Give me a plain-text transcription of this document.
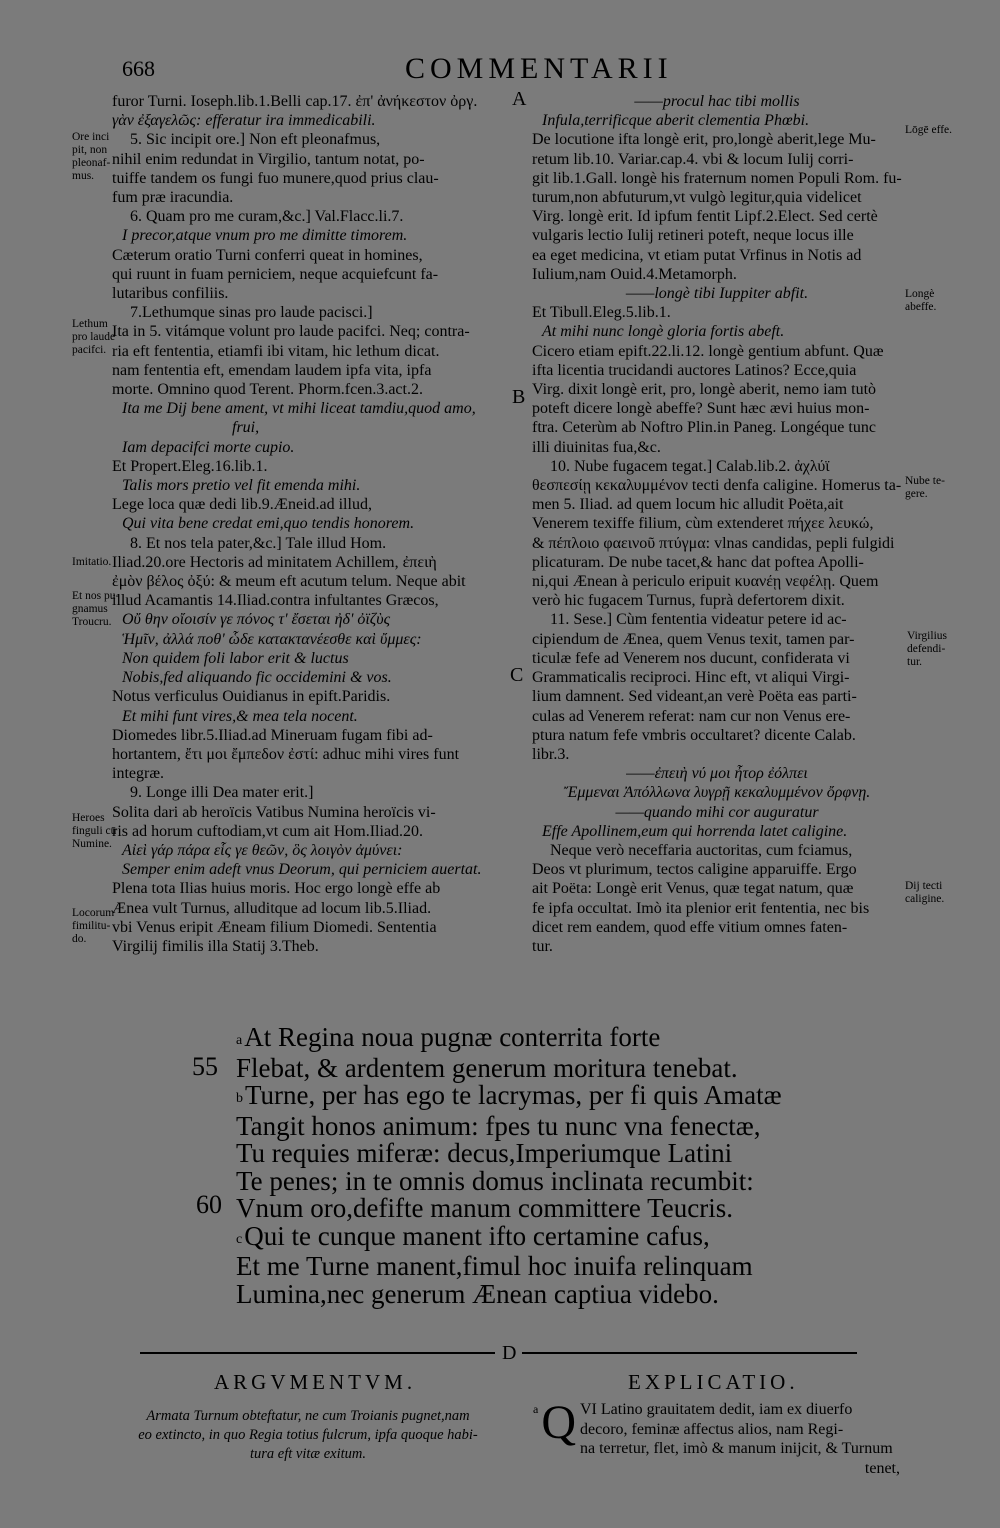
668	COMMENTARII
Ore inci
pit, non
pleonaf-
mus.
Lethum
pro laude
pacifci.
Imitatio.
Et nos pu-
gnamus
Troucru.
Heroes
finguli cū
Numine.
Locorum
fimilitu-
do.
Lōgē effe.
Longè
abeffe.
Nube te-
gere.
Virgilius
defendi-
tur.
Dij tecti
caligine.
A
B
C
D

furor Turni. Ioseph.lib.1.Belli cap.17. ἐπ' ἀνήκεστον ὀργ.

γὰν ἐξαγελῶς: efferatur ira immedicabili.

5. Sic incipit ore.] Non eft pleonafmus,

nihil enim redundat in Virgilio, tantum notat, po-

tuiffe tandem os fungi fuo munere,quod prius clau-

fum præ iracundia.

6. Quam pro me curam,&c.] Val.Flacc.li.7.

I precor,atque vnum pro me dimitte timorem.

Cæterum oratio Turni conferri queat in homines,

qui ruunt in fuam perniciem, neque acquiefcunt fa-

lutaribus confiliis.

7.Lethumque sinas pro laude pacisci.]

Ita in 5. vitámque volunt pro laude pacifci. Neq; contra-

ria eft fententia, etiamfi ibi vitam, hic lethum dicat.

nam fententia eft, emendam laudem ipfa vita, ipfa

morte. Omnino quod Terent. Phorm.fcen.3.act.2.

Ita me Dij bene ament, vt mihi liceat tamdiu,quod amo,

frui,

Iam depacifci morte cupio.

Et Propert.Eleg.16.lib.1.

Talis mors pretio vel fit emenda mihi.

Lege loca quæ dedi lib.9.Æneid.ad illud,

Qui vita bene credat emi,quo tendis honorem.

8. Et nos tela pater,&c.] Tale illud Hom.

Iliad.20.ore Hectoris ad minitatem Achillem, ἐπειὴ

ἐμὸν βέλος ὀξύ: & meum eft acutum telum. Neque abit

illud Acamantis 14.Iliad.contra infultantes Græcos,

Οὔ θην οἴοισίν γε πόνος τ' ἔσεται ἠδ' ὀϊζὺς

Ἡμῖν, ἀλλά ποθ' ὧδε κατακτανέεσθε καὶ ὔμμες:

Non quidem foli labor erit & luctus

Nobis,fed aliquando fic occidemini & vos.

Notus verficulus Ouidianus in epift.Paridis.

Et mihi funt vires,& mea tela nocent.

Diomedes libr.5.Iliad.ad Mineruam fugam fibi ad-

hortantem, ἔτι μοι ἔμπεδον ἐστί: adhuc mihi vires funt

integræ.

9. Longe illi Dea mater erit.]

Solita dari ab heroïcis Vatibus Numina heroïcis vi-

ris ad horum cuftodiam,vt cum ait Hom.Iliad.20.

Αἰεὶ γάρ πάρα εἷς γε θεῶν, ὃς λοιγὸν ἀμύνει:

Semper enim adeft vnus Deorum, qui perniciem auertat.

Plena tota Ilias huius moris. Hoc ergo longè effe ab

Ænea vult Turnus, alluditque ad locum lib.5.Iliad.

vbi Venus eripit Æneam filium Diomedi. Sententia

Virgilij fimilis illa Statij 3.Theb.

——procul hac tibi mollis

Infula,terrificque aberit clementia Phœbi.

De locutione ifta longè erit, pro,longè aberit,lege Mu-

retum lib.10. Variar.cap.4. vbi & locum Iulij corri-

git lib.1.Gall. longè his fraternum nomen Populi Rom. fu-

turum,non abfuturum,vt vulgò legitur,quia videlicet

Virg. longè erit. Id ipfum fentit Lipf.2.Elect. Sed certè

vulgaris lectio Iulij retineri poteft, neque locus ille

ea eget medicina, vt etiam putat Vrfinus in Notis ad

Iulium,nam Ouid.4.Metamorph.

——longè tibi Iuppiter abfit.

Et Tibull.Eleg.5.lib.1.

At mihi nunc longè gloria fortis abeft.

Cicero etiam epift.22.li.12. longè gentium abfunt. Quæ

ifta licentia trucidandi auctores Latinos? Ecce,quia

Virg. dixit longè erit, pro, longè aberit, nemo iam tutò

poteft dicere longè abeffe? Sunt hæc ævi huius mon-

ftra. Ceterùm ab Noftro Plin.in Paneg. Longéque tunc

illi diuinitas fua,&c.

10. Nube fugacem tegat.] Calab.lib.2. ἀχλύϊ

θεσπεσίῃ κεκαλυμμένον tecti denfa caligine. Homerus ta-

men 5. Iliad. ad quem locum hic alludit Poëta,ait

Venerem texiffe filium, cùm extenderet πήχεε λευκώ,

& πέπλοιο φαεινοῦ πτύγμα: vlnas candidas, pepli fulgidi

plicaturam. De nube tacet,& hanc dat poftea Apolli-

ni,qui Ænean à periculo eripuit κυανέῃ νεφέλῃ. Quem

verò hic fugacem Turnus, fuprà defertorem dixit.

11. Sese.] Cùm fententia videatur petere id ac-

cipiendum de Ænea, quem Venus texit, tamen par-

ticulæ fefe ad Venerem nos ducunt, confiderata vi

Grammaticalis reciproci. Hinc eft, vt aliqui Virgi-

lium damnent. Sed videant,an verè Poëta eas parti-

culas ad Venerem referat: nam cur non Venus ere-

ptura natum fefe vmbris occultaret? dicente Calab.

libr.3.

——ἐπειὴ νύ μοι ἦτορ ἐόλπει

Ἔμμεναι Ἀπόλλωνα λυγρῇ κεκαλυμμένον ὄρφνῃ.

——quando mihi cor auguratur

Effe Apollinem,eum qui horrenda latet caligine.

Neque verò neceffaria auctoritas, cum fciamus,

Deos vt plurimum, tectos caligine apparuiffe. Ergo

ait Poëta: Longè erit Venus, quæ tegat natum, quæ

fe ipfa occultat. Imò ita plenior erit fententia, nec bis

dicet rem eandem, quod effe vitium omnes faten-

tur.

55
60

$^a$At Regina noua pugnæ conterrita forte

Flebat, & ardentem generum moritura tenebat.

$^b$Turne, per has ego te lacrymas, per fi quis Amatæ

Tangit honos animum: fpes tu nunc vna fenectæ,

Tu requies miferæ: decus,Imperiumque Latini

Te penes; in te omnis domus inclinata recumbit:

Vnum oro,defifte manum committere Teucris.

$^c$Qui te cunque manent ifto certamine cafus,

Et me Turne manent,fimul hoc inuifa relinquam

Lumina,nec generum Ænean captiua videbo.

ARGVMENTVM.

Armata Turnum obteftatur, ne cum Troianis pugnet,nam

eo extincto, in quo Regia totius fulcrum, ipfa quoque habi-

tura eft vitæ exitum.

EXPLICATIO.
a Q VI Latino grauitatem dedit, iam ex diuerfo

decoro, feminæ affectus alios, nam Regi-

na terretur, flet, imò & manum inijcit, & Turnum

tenet,
